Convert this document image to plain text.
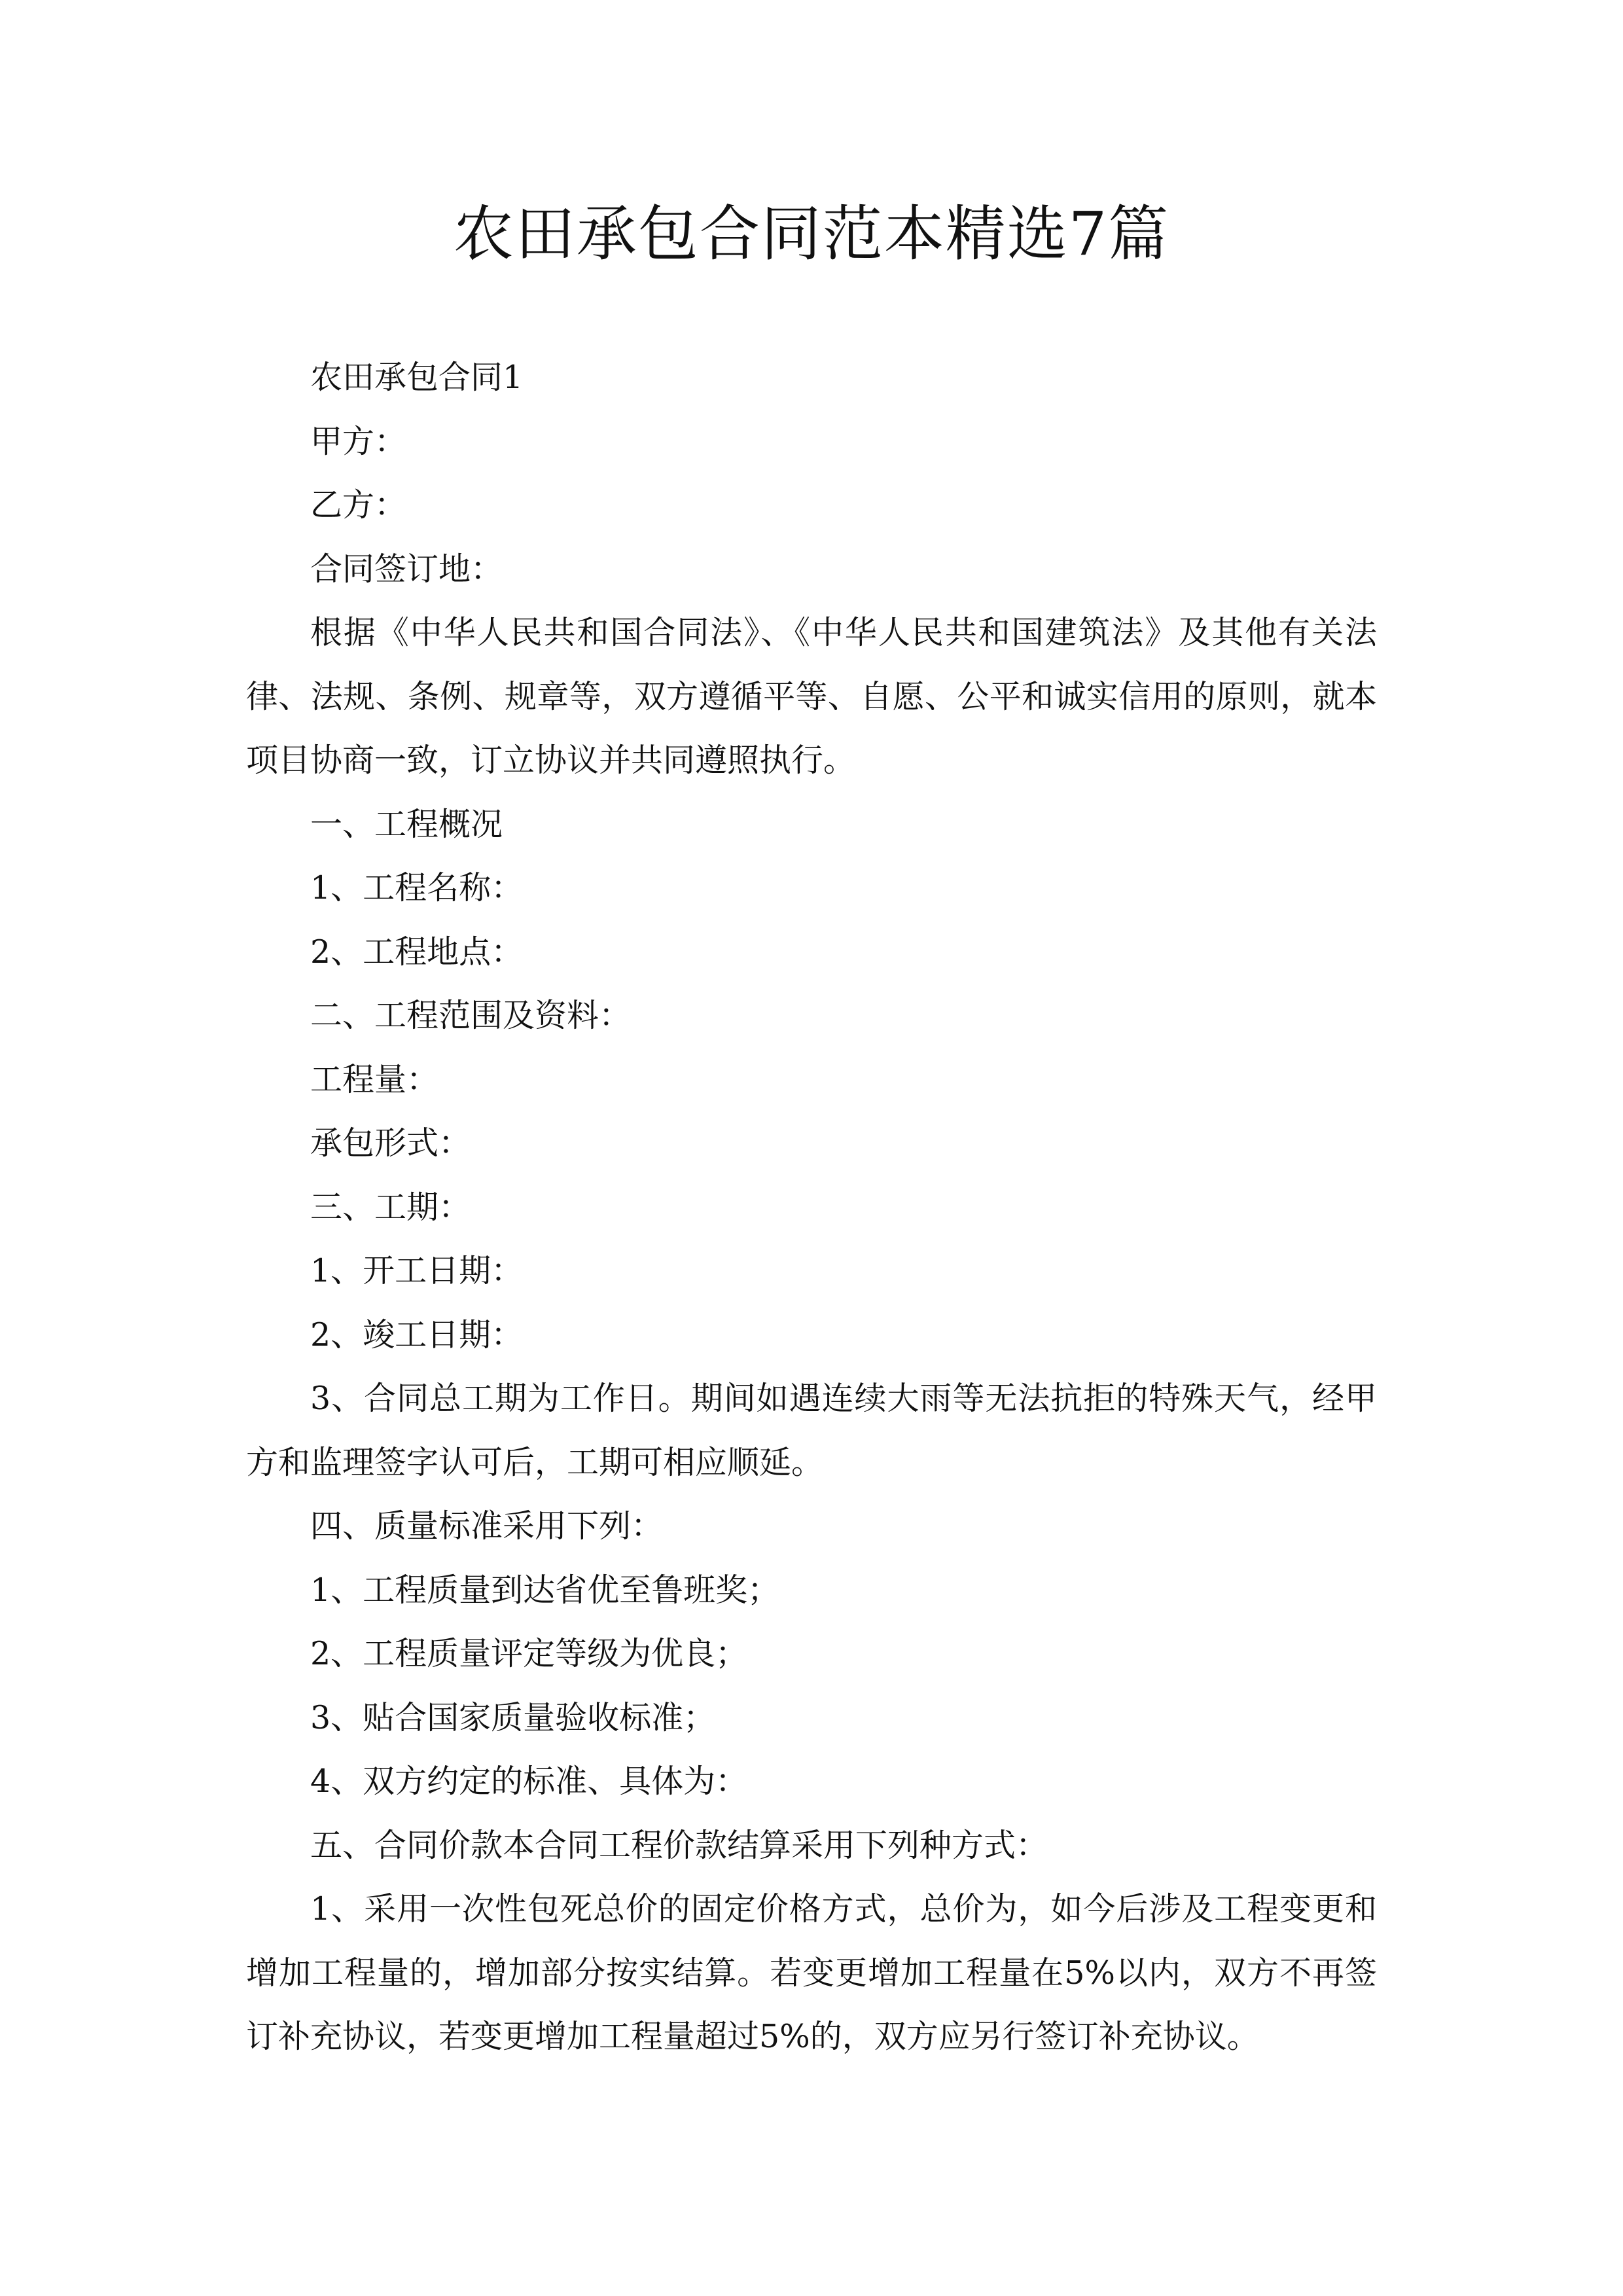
农田承包合同范本精选7篇

农田承包合同1

甲方：

乙方：

合同签订地：

根据《中华人民共和国合同法》、《中华人民共和国建筑法》及其他有关法律、法规、条例、规章等，双方遵循平等、自愿、公平和诚实信用的原则，就本项目协商一致，订立协议并共同遵照执行。

一、工程概况

1、工程名称：

2、工程地点：

二、工程范围及资料：

工程量：

承包形式：

三、工期：

1、开工日期：

2、竣工日期：

3、合同总工期为工作日。期间如遇连续大雨等无法抗拒的特殊天气，经甲方和监理签字认可后，工期可相应顺延。

四、质量标准采用下列：

1、工程质量到达省优至鲁班奖；

2、工程质量评定等级为优良；

3、贴合国家质量验收标准；

4、双方约定的标准、具体为：

五、合同价款本合同工程价款结算采用下列种方式：

1、采用一次性包死总价的固定价格方式，总价为，如今后涉及工程变更和增加工程量的，增加部分按实结算。若变更增加工程量在5%以内，双方不再签订补充协议，若变更增加工程量超过5%的，双方应另行签订补充协议。
